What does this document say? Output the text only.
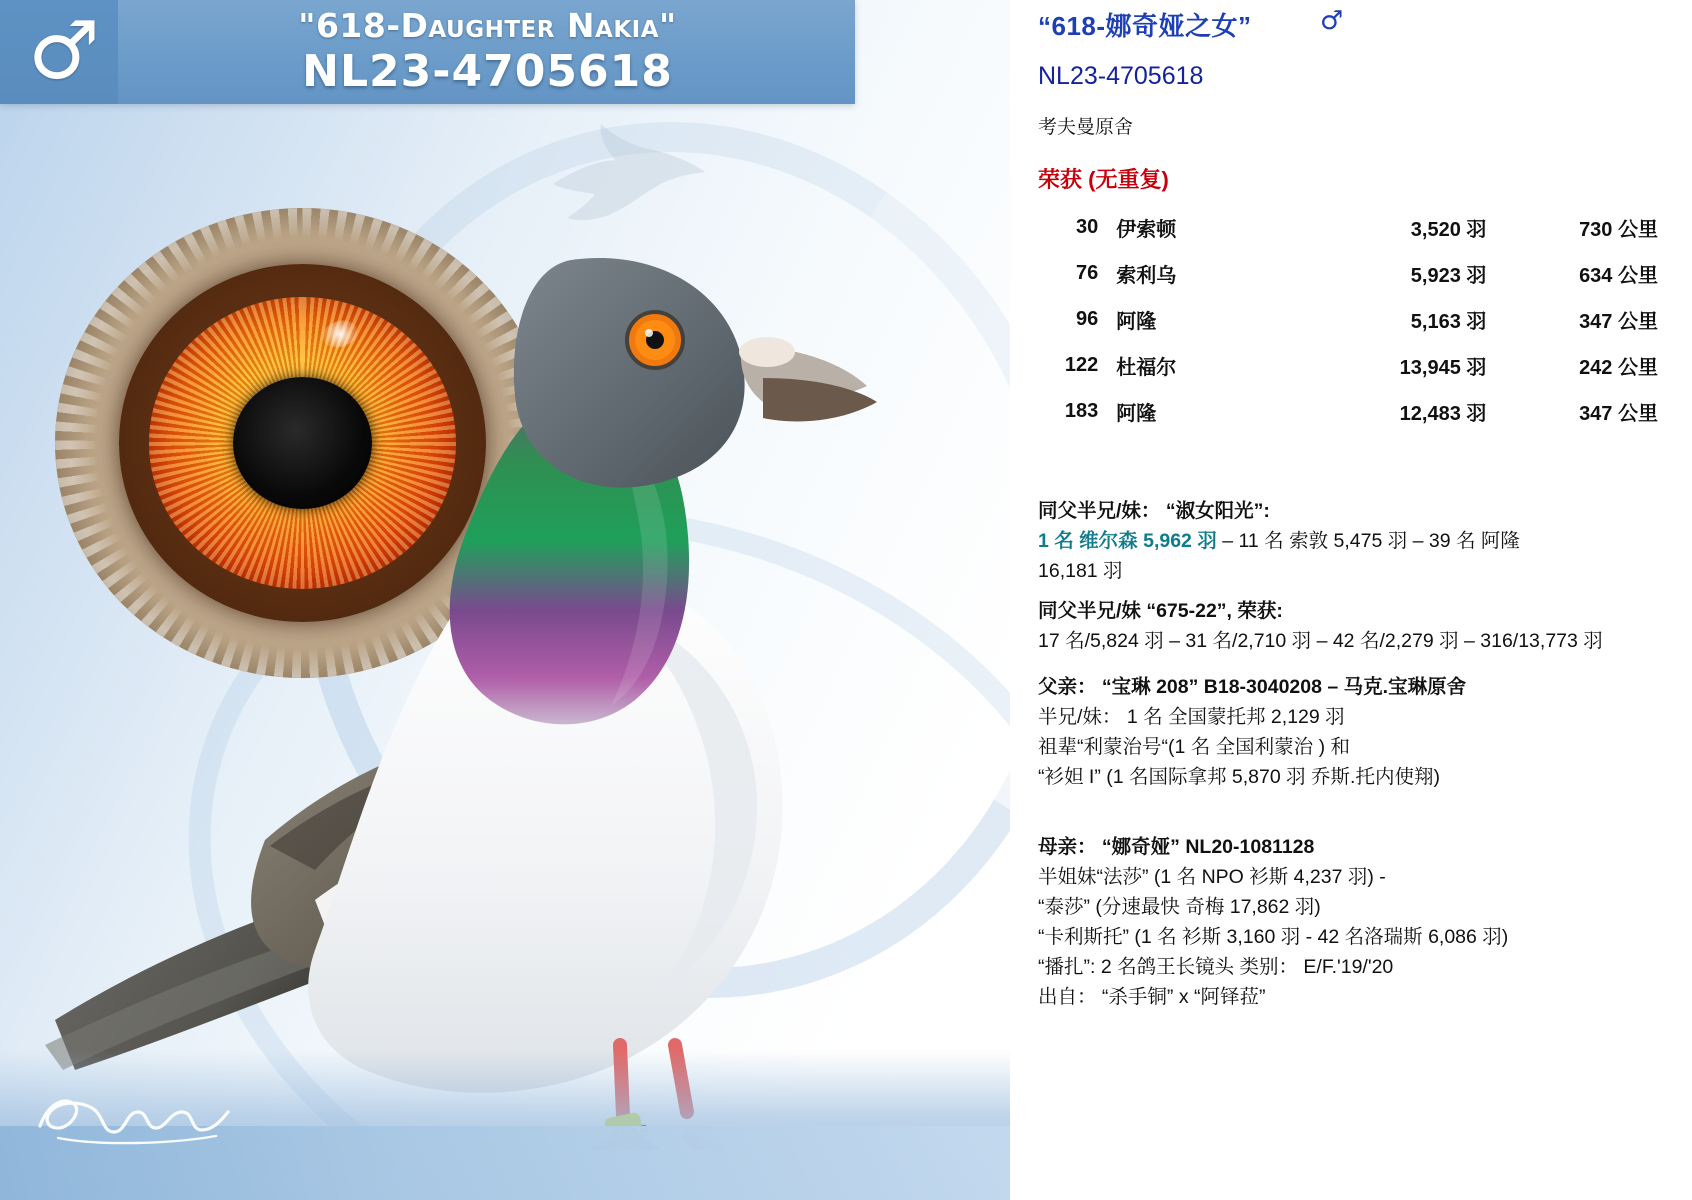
♂	"618-Daughter Nakia"
NL23-4705618
“618-娜奇娅之女”	♂
NL23-4705618
考夫曼原舍
荣获 (无重复)
30	伊索顿	3,520 羽	730 公里
76	索利乌	5,923 羽	634 公里
96	阿隆	5,163 羽	347 公里
122	杜福尔	13,945 羽	242 公里
183	阿隆	12,483 羽	347 公里
同父半兄/妹： “淑女阳光”:
1 名 维尔森 5,962 羽 – 11 名 索敦 5,475 羽 – 39 名 阿隆
16,181 羽
同父半兄/妹 “675-22”, 荣获:
17 名/5,824 羽 – 31 名/2,710 羽 – 42 名/2,279 羽 – 316/13,773 羽
父亲： “宝琳 208” B18-3040208 – 马克.宝琳原舍
半兄/妹： 1 名 全国蒙托邦 2,129 羽
祖辈“利蒙治号“(1 名 全国利蒙治 ) 和
“衫妲 I” (1 名国际拿邦 5,870 羽 乔斯.托内使翔)
母亲： “娜奇娅” NL20-1081128
半姐妹“法莎” (1 名 NPO 衫斯 4,237 羽) -
“泰莎” (分速最快 奇梅 17,862 羽)
“卡利斯托” (1 名 衫斯 3,160 羽 - 42 名洛瑞斯 6,086 羽)
“播扎”: 2 名鸽王长镜头 类别： E/F.'19/'20
出自： “杀手铜” x “阿铎菈”
